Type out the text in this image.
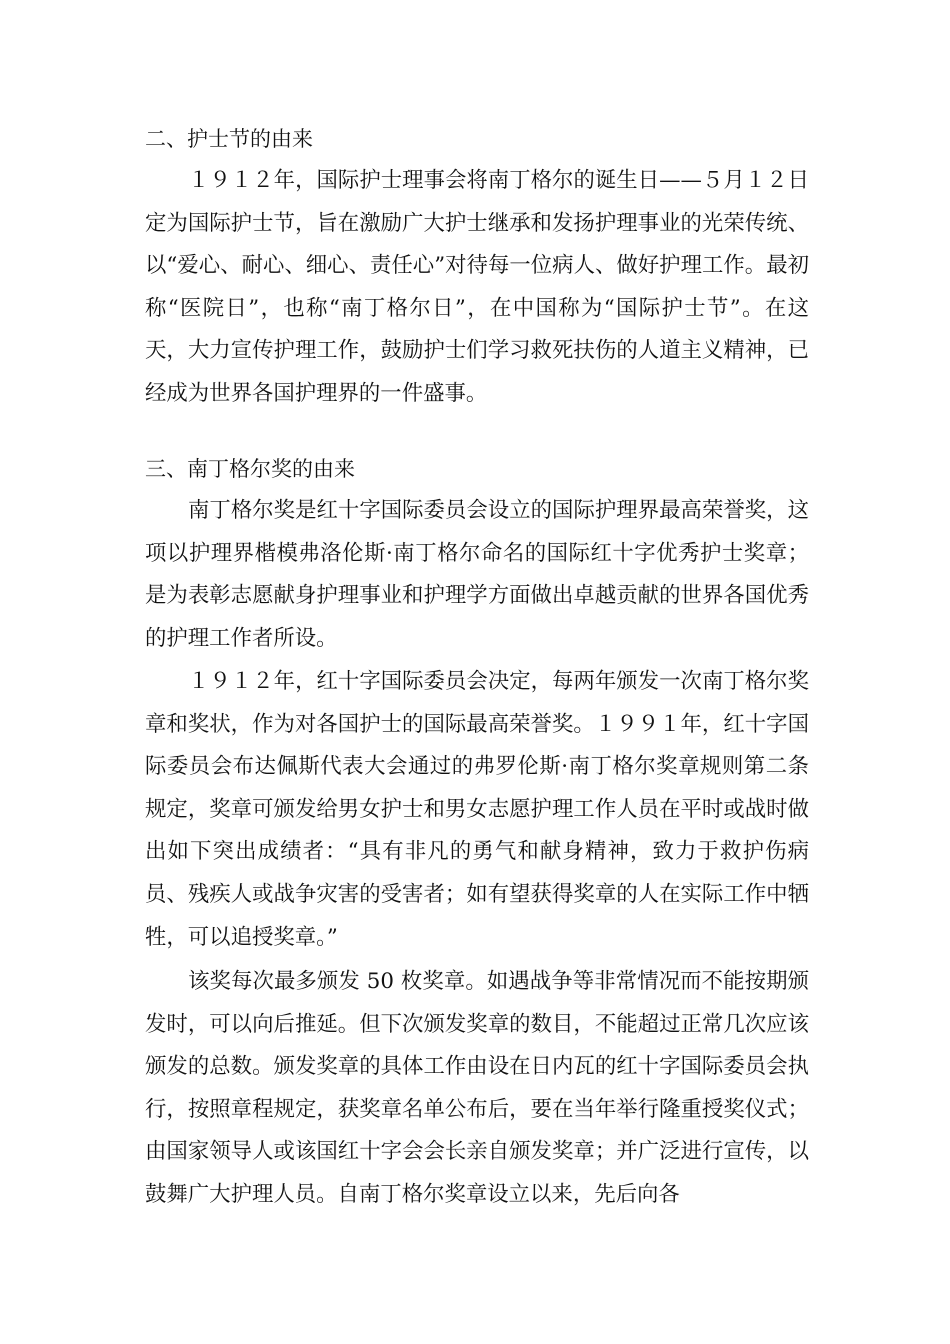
二、护士节的由来

１９１２年，国际护士理事会将南丁格尔的诞生日——５月１２日定为国际护士节，旨在激励广大护士继承和发扬护理事业的光荣传统、以“爱心、耐心、细心、责任心”对待每一位病人、做好护理工作。最初称“医院日”，也称“南丁格尔日”，在中国称为“国际护士节”。在这天，大力宣传护理工作，鼓励护士们学习救死扶伤的人道主义精神，已经成为世界各国护理界的一件盛事。

三、南丁格尔奖的由来

南丁格尔奖是红十字国际委员会设立的国际护理界最高荣誉奖，这项以护理界楷模弗洛伦斯·南丁格尔命名的国际红十字优秀护士奖章；是为表彰志愿献身护理事业和护理学方面做出卓越贡献的世界各国优秀的护理工作者所设。

１９１２年，红十字国际委员会决定，每两年颁发一次南丁格尔奖章和奖状，作为对各国护士的国际最高荣誉奖。１９９１年，红十字国际委员会布达佩斯代表大会通过的弗罗伦斯·南丁格尔奖章规则第二条规定，奖章可颁发给男女护士和男女志愿护理工作人员在平时或战时做出如下突出成绩者：“具有非凡的勇气和献身精神，致力于救护伤病员、残疾人或战争灾害的受害者；如有望获得奖章的人在实际工作中牺牲，可以追授奖章。”

该奖每次最多颁发 50 枚奖章。如遇战争等非常情况而不能按期颁发时，可以向后推延。但下次颁发奖章的数目，不能超过正常几次应该颁发的总数。颁发奖章的具体工作由设在日内瓦的红十字国际委员会执行，按照章程规定，获奖章名单公布后，要在当年举行隆重授奖仪式；由国家领导人或该国红十字会会长亲自颁发奖章；并广泛进行宣传，以鼓舞广大护理人员。自南丁格尔奖章设立以来，先后向各
